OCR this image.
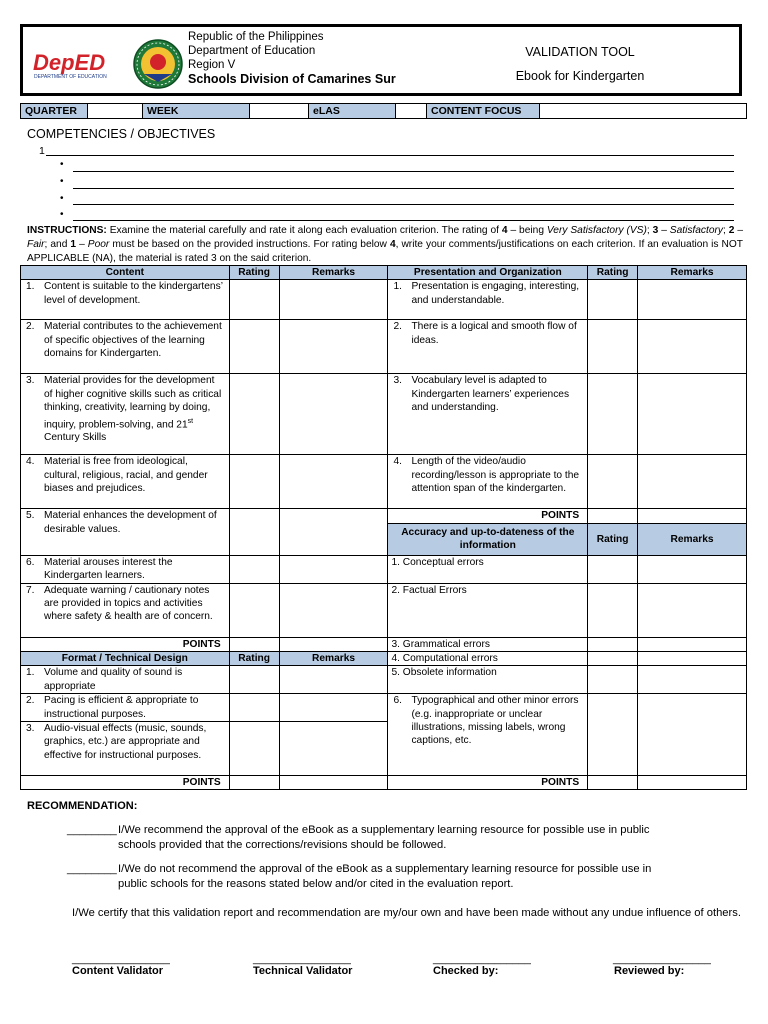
DepED
DEPARTMENT OF EDUCATION
Republic of the Philippines
Department of Education
Region V
Schools Division of Camarines Sur
VALIDATION TOOL
Ebook for Kindergarten
QUARTER		WEEK		eLAS		CONTENT FOCUS	
COMPETENCIES / OBJECTIVES
1
•
•
•
•
INSTRUCTIONS: Examine the material carefully and rate it along each evaluation criterion. The rating of 4 – being Very Satisfactory (VS); 3 – Satisfactory; 2 – Fair; and 1 – Poor must be based on the provided instructions. For rating below 4, write your comments/justifications on each criterion. If an evaluation is NOT APPLICABLE (NA), the material is rated 3 on the said criterion.
Content	Rating	Remarks	Presentation and Organization	Rating	Remarks

1. Content is suitable to the kindergartens’ level of development.			1. Presentation is engaging, interesting, and understandable.		

2. Material contributes to the achievement of specific objectives of the learning domains for Kindergarten.			2. There is a logical and smooth flow of ideas.		

3. Material provides for the development of higher cognitive skills such as critical thinking, creativity, learning by doing, inquiry, problem-solving, and 21st Century Skills			3. Vocabulary level is adapted to Kindergarten learners’ experiences and understanding.		

4. Material is free from ideological, cultural, religious, racial, and gender biases and prejudices.			4. Length of the video/audio recording/lesson is appropriate to the attention span of the kindergarten.		

5. Material enhances the development of desirable values.			POINTS		
			Accuracy and up-to-dateness of the information	Rating	Remarks

6. Material arouses interest the Kindergarten learners.			1. Conceptual errors		

7. Adequate warning / cautionary notes are provided in topics and activities where safety & health are of concern.			2. Factual Errors		
POINTS			3. Grammatical errors		
Format / Technical Design	Rating	Remarks	4. Computational errors		

1. Volume and quality of sound is appropriate			5. Obsolete information		

2. Pacing is efficient & appropriate to instructional purposes.			6. Typographical and other minor errors (e.g. inappropriate or unclear illustrations, missing labels, wrong captions, etc.		

3. Audio-visual effects (music, sounds, graphics, etc.) are appropriate and effective for instructional purposes.					

POINTS			POINTS		
RECOMMENDATION:
________ I/We recommend the approval of the eBook as a supplementary learning resource for possible use in public
schools provided that the corrections/revisions should be followed.
________ I/We do not recommend the approval of the eBook as a supplementary learning resource for possible use in
public schools for the reasons stated below and/or cited in the evaluation report.
I/We certify that this validation report and recommendation are my/our own and have been made without any undue influence of others.
________________
Content Validator
________________
Technical Validator
________________
Checked by:
________________
Reviewed by:
